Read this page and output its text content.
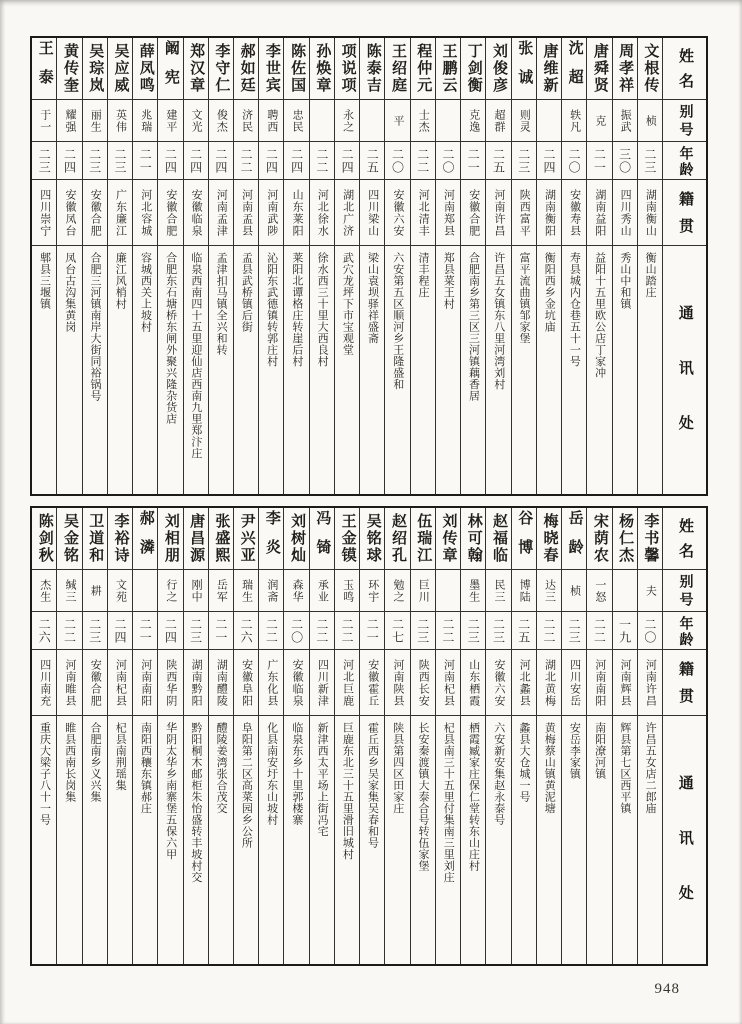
姓名
别号
年龄
籍贯
通讯处
文根传
桢
二三
湖南衡山
衡山踏庄
周孝祥
振武
三〇
四川秀山
秀山中和镇
唐舜贤
克
二一
湖南益阳
益阳十五里欧公店丁家冲
沈超
轶凡
二〇
安徽寿县
寿县城内仓巷五十一号
唐维新
二四
湖南衡阳
衡阳西乡金坑庙
张诚
则灵
二三
陕西富平
富平流曲镇邹家堡
刘俊彦
超群
二五
河南许昌
许昌五女镇东八里河湾刘村
丁剑衡
克逸
二一
安徽合肥
合肥南乡第三区三河镇藕香居
王鹏云
二〇
河南郑县
郑县菜王村
程仲元
士杰
二二
河北清丰
清丰程庄
王绍庭
平
二〇
安徽六安
六安第五区顺河乡王隆盛和
陈泰吉
二五
四川梁山
梁山袁坝驿祥盛斋
项说项
永之
二四
湖北广济
武穴龙坪下市宝观堂
孙焕章
二二
河北徐水
徐水西三十里大西良村
陈佐国
忠民
二四
山东莱阳
莱阳北谭格庄转崖后村
李世宾
聘西
二四
河南武陟
沁阳东武德镇转郭庄村
郝如廷
济民
二二
河南孟县
孟县武桥镇后街
李守仁
俊杰
二四
河南孟津
孟津扣马镇全兴和转
郑汉章
文光
二四
安徽临泉
临泉西南四十五里迎仙店西南九里郑汴庄
阚宪
建平
二四
安徽合肥
合肥东石塘桥东闸外聚兴隆杂货店
薛凤鸣
兆瑞
二一
河北容城
容城西关上坡村
吴应威
英伟
二三
广东廉江
廉江风梢村
吴琮岚
丽生
二三
安徽合肥
合肥三河镇南岸大街同裕锅号
黄传奎
耀强
二四
安徽凤台
凤台古沟集黄岗
王泰
于一
二三
四川崇宁
郫县三堰镇
姓名
别号
年龄
籍贯
通讯处
李书馨
夫
二〇
河南许昌
许昌五女店二郎庙
杨仁杰
一九
河南辉县
辉县第七区西平镇
宋荫农
一怒
二二
河南南阳
南阳潦河镇
岳龄
桢
二三
四川安岳
安岳李家镇
梅晓春
达三
二二
湖北黄梅
黄梅蔡山镇黄泥塘
谷博
博陆
二五
河北蠡县
蠡县大仓城一号
赵福临
民三
二三
安徽六安
六安新安集赵永泰号
林可翰
墨生
二三
山东栖霞
栖霞臧家庄保仁堂转东山庄村
刘传章
二二
河南杞县
杞县南三十五里付集南三里刘庄
伍瑞江
巨川
二三
陕西长安
长安秦渡镇大泰合号转伍家堡
赵绍孔
勉之
二七
河南陕县
陕县第四区田家庄
吴铭球
环宇
二一
安徽霍丘
霍丘西乡吴家集吴春和号
王金镆
玉鸣
二二
河北巨鹿
巨鹿东北三十五里滑旧城村
冯锜
承业
二二
四川新津
新津西太平场上街冯宅
刘树灿
森华
二〇
安徽临泉
临泉东乡十里郭楼寨
李炎
润斋
二二
广东化县
化县南安圩东山坡村
尹兴亚
瑞生
二六
安徽阜阳
阜阳第二区高菜园乡公所
张盛熙
岳军
二一
湖南醴陵
醴陵姜湾张合茂交
唐昌源
刚中
二三
湖南黔阳
黔阳桐木邮柜朱怡盛转丰坡村交
刘相朋
行之
二四
陕西华阴
华阴太华乡南寨堡五保六甲
郝潾
二一
河南南阳
南阳西穰东镇郝庄
李裕诗
文苑
二四
河南杞县
杞县南荆瑶集
卫道和
耕
二三
安徽合肥
合肥南乡义兴集
吴金铭
缄三
二二
河南睢县
睢县西南长岗集
陈剑秋
杰生
二六
四川南充
重庆大梁子八十一号
948
